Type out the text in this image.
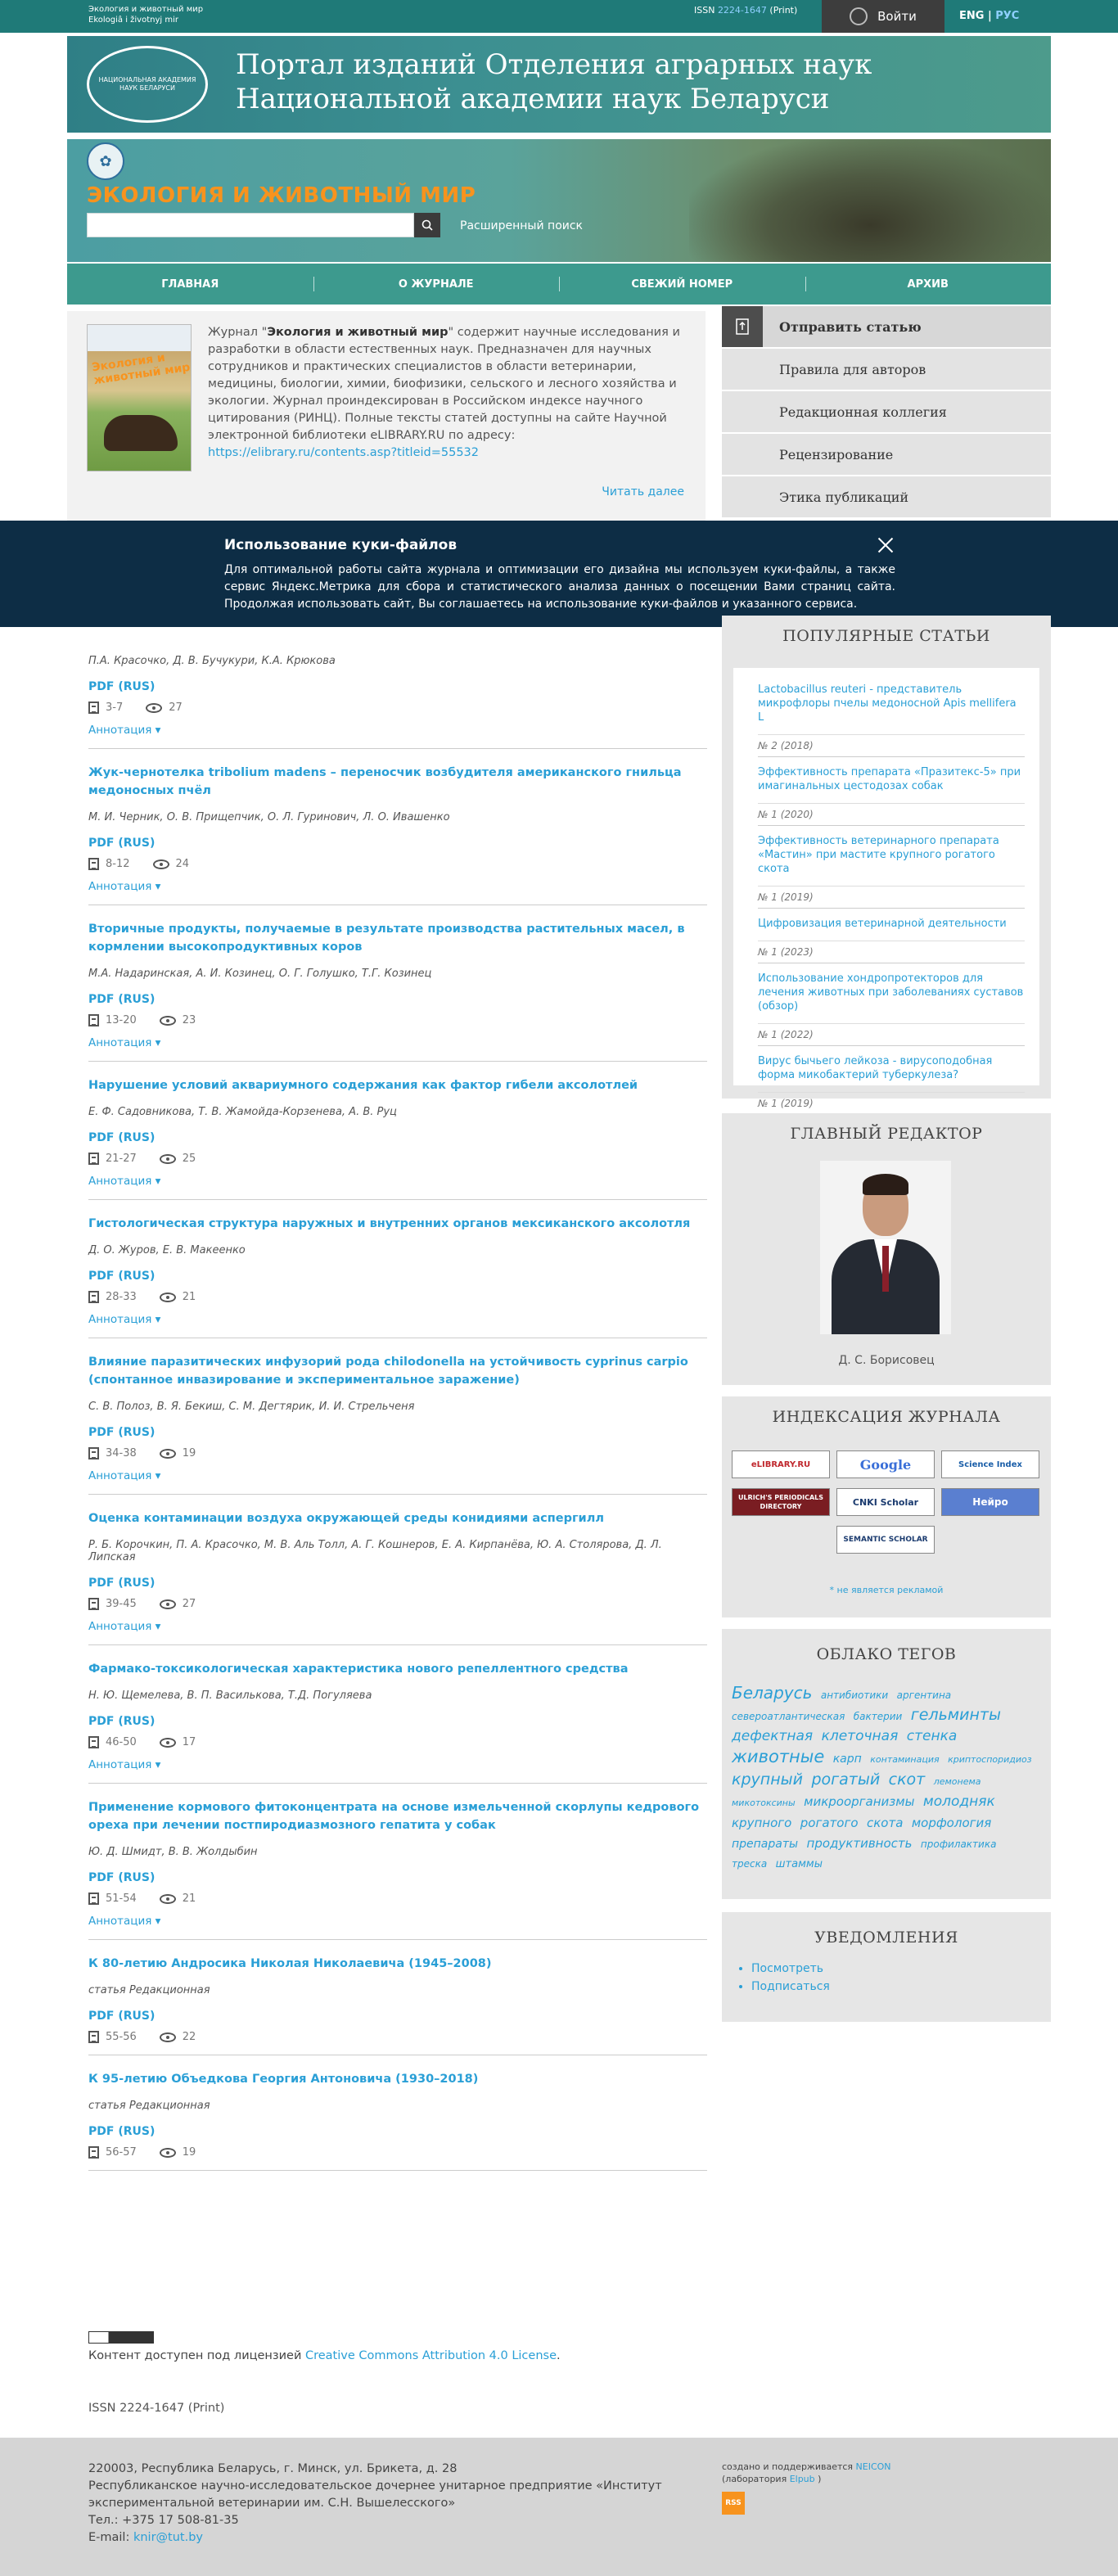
Экология и животный мир
Ekologiâ i životnyj mir
ISSN 2224-1647 (Print)	Войти	ENG | РУС
НАЦИОНАЛЬНАЯ АКАДЕМИЯ НАУК БЕЛАРУСИ
Портал изданий Отделения аграрных наук
Национальной академии наук Беларуси
✿
ЭКОЛОГИЯ И ЖИВОТНЫЙ МИР
Расширенный поиск
ГЛАВНАЯ	О ЖУРНАЛЕ	СВЕЖИЙ НОМЕР	АРХИВ
Экология и животный мир
Журнал "Экология и животный мир" содержит научные исследования и разработки в области естественных наук. Предназначен для научных сотрудников и практических специалистов в области ветеринарии, медицины, биологии, химии, биофизики, сельского и лесного хозяйства и экологии. Журнал проиндексирован в Российском индексе научного цитирования (РИНЦ). Полные тексты статей доступны на сайте Научной электронной библиотеки eLIBRARY.RU по адресу: https://elibrary.ru/contents.asp?titleid=55532
Читать далее
Отправить статью
Правила для авторов
Редакционная коллегия
Рецензирование
Этика публикаций
П.А. Красочко, Д. В. Бучукури, К.А. Крюкова
PDF (RUS)
3-7	27
Аннотация ▾
Жук-чернотелка tribolium madens – переносчик возбудителя американского гнильца медоносных пчёл
М. И. Черник, О. В. Прищепчик, О. Л. Гуринович, Л. О. Ивашенко
PDF (RUS)
8-12	24
Аннотация ▾
Вторичные продукты, получаемые в результате производства растительных масел, в кормлении высокопродуктивных коров
М.А. Надаринская, А. И. Козинец, О. Г. Голушко, Т.Г. Козинец
PDF (RUS)
13-20	23
Аннотация ▾
Нарушение условий аквариумного содержания как фактор гибели аксолотлей
Е. Ф. Садовникова, Т. В. Жамойда-Корзенева, А. В. Руц
PDF (RUS)
21-27	25
Аннотация ▾
Гистологическая структура наружных и внутренних органов мексиканского аксолотля
Д. О. Журов, Е. В. Макеенко
PDF (RUS)
28-33	21
Аннотация ▾
Влияние паразитических инфузорий рода chilodonella на устойчивость cyprinus carpio (спонтанное инвазирование и экспериментальное заражение)
С. В. Полоз, В. Я. Бекиш, С. М. Дегтярик, И. И. Стрельченя
PDF (RUS)
34-38	19
Аннотация ▾
Оценка контаминации воздуха окружающей среды конидиями аспергилл
Р. Б. Корочкин, П. А. Красочко, М. В. Аль Толл, А. Г. Кошнеров, Е. А. Кирпанёва, Ю. А. Столярова, Д. Л. Липская
PDF (RUS)
39-45	27
Аннотация ▾
Фармако-токсикологическая характеристика нового репеллентного средства
Н. Ю. Щемелева, В. П. Василькова, Т.Д. Погуляева
PDF (RUS)
46-50	17
Аннотация ▾
Применение кормового фитоконцентрата на основе измельченной скорлупы кедрового ореха при лечении постпиродиазмозного гепатита у собак
Ю. Д. Шмидт, В. В. Жолдыбин
PDF (RUS)
51-54	21
Аннотация ▾
К 80-летию Андросика Николая Николаевича (1945–2008)
статья Редакционная
PDF (RUS)
55-56	22
К 95-летию Объедкова Георгия Антоновича (1930–2018)
статья Редакционная
PDF (RUS)
56-57	19
Использование куки-файлов
Для оптимальной работы сайта журнала и оптимизации его дизайна мы используем куки-файлы, а также сервис Яндекс.Метрика для сбора и статистического анализа данных о посещении Вами страниц сайта. Продолжая использовать сайт, Вы соглашаетесь на использование куки-файлов и указанного сервиса.
ПОПУЛЯРНЫЕ СТАТЬИ
Lactobacillus reuteri - представитель микрофлоры пчелы медоносной Apis mellifera L
№ 2 (2018)
Эффективность препарата «Празитекс-5» при имагинальных цестодозах собак
№ 1 (2020)
Эффективность ветеринарного препарата «Мастин» при мастите крупного рогатого скота
№ 1 (2019)
Цифровизация ветеринарной деятельности
№ 1 (2023)
Использование хондропротекторов для лечения животных при заболеваниях суставов (обзор)
№ 1 (2022)
Вирус бычьего лейкоза - вирусоподобная форма микобактерий туберкулеза?
№ 1 (2019)
ГЛАВНЫЙ РЕДАКТОР
Д. С. Борисовец
ИНДЕКСАЦИЯ ЖУРНАЛА
eLIBRARY.RU	Google	Science Index
ULRICH'S PERIODICALS DIRECTORY	CNKI Scholar	Нейро
SEMANTIC SCHOLAR
* не является рекламой
ОБЛАКО ТЕГОВ
Беларусь антибиотики аргентина североатлантическая бактерии гельминты дефектная клеточная стенка животные карп контаминация криптоспоридиоз крупный рогатый скот лемонема микотоксины микроорганизмы молодняк крупного рогатого скота морфология препараты продуктивность профилактика треска штаммы
УВЕДОМЛЕНИЯ
• Посмотреть
• Подписаться
Контент доступен под лицензией Creative Commons Attribution 4.0 License.
ISSN 2224-1647 (Print)
220003, Республика Беларусь, г. Минск, ул. Брикета, д. 28
Республиканское научно-исследовательское дочернее унитарное предприятие «Институт экспериментальной ветеринарии им. С.Н. Вышелесского»
Тел.: +375 17 508-81-35
E-mail: knir@tut.by
создано и поддерживается NEICON
(лаборатория Elpub )
RSS
